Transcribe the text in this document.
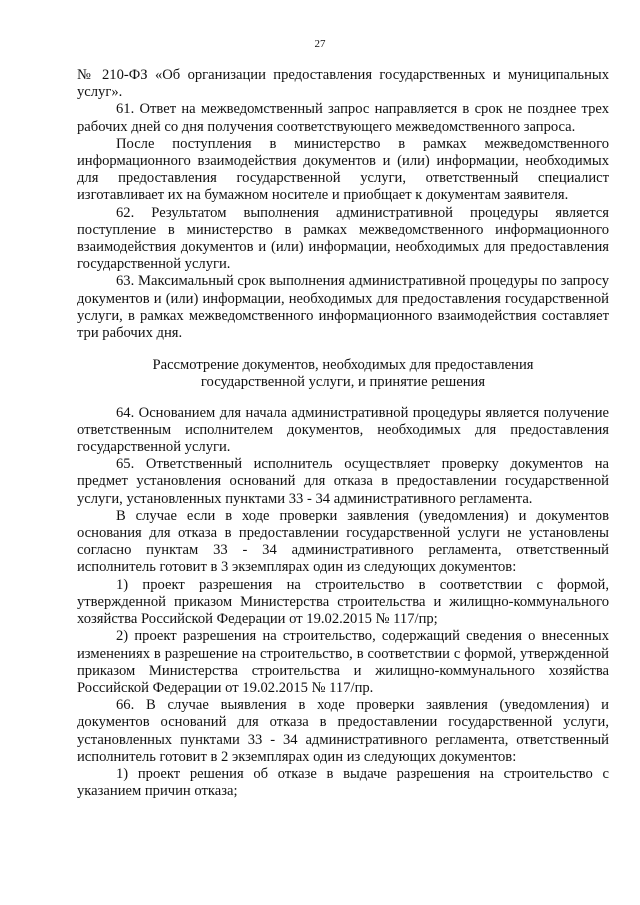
27

№ 210-ФЗ «Об организации предоставления государственных и муниципальных услуг».

61. Ответ на межведомственный запрос направляется в срок не позднее трех рабочих дней со дня получения соответствующего межведомственного запроса.

После поступления в министерство в рамках межведомственного информационного взаимодействия документов и (или) информации, необходимых для предоставления государственной услуги, ответственный специалист изготавливает их на бумажном носителе и приобщает к документам заявителя.

62. Результатом выполнения административной процедуры является поступление в министерство в рамках межведомственного информационного взаимодействия документов и (или) информации, необходимых для предоставления государственной услуги.

63. Максимальный срок выполнения административной процедуры по запросу документов и (или) информации, необходимых для предоставления государственной услуги, в рамках межведомственного информационного взаимодействия составляет три рабочих дня.

Рассмотрение документов, необходимых для предоставления
государственной услуги, и принятие решения

64. Основанием для начала административной процедуры является получение ответственным исполнителем документов, необходимых для предоставления государственной услуги.

65. Ответственный исполнитель осуществляет проверку документов на предмет установления оснований для отказа в предоставлении государственной услуги, установленных пунктами 33 - 34 административного регламента.

В случае если в ходе проверки заявления (уведомления) и документов основания для отказа в предоставлении государственной услуги не установлены согласно пунктам 33 - 34 административного регламента, ответственный исполнитель готовит в 3 экземплярах один из следующих документов:

1) проект разрешения на строительство в соответствии с формой, утвержденной приказом Министерства строительства и жилищно-коммунального хозяйства Российской Федерации от 19.02.2015 № 117/пр;

2) проект разрешения на строительство, содержащий сведения о внесенных изменениях в разрешение на строительство, в соответствии с формой, утвержденной приказом Министерства строительства и жилищно-коммунального хозяйства Российской Федерации от 19.02.2015 № 117/пр.

66. В случае выявления в ходе проверки заявления (уведомления) и документов оснований для отказа в предоставлении государственной услуги, установленных пунктами 33 - 34 административного регламента, ответственный исполнитель готовит в 2 экземплярах один из следующих документов:

1) проект решения об отказе в выдаче разрешения на строительство с указанием причин отказа;
